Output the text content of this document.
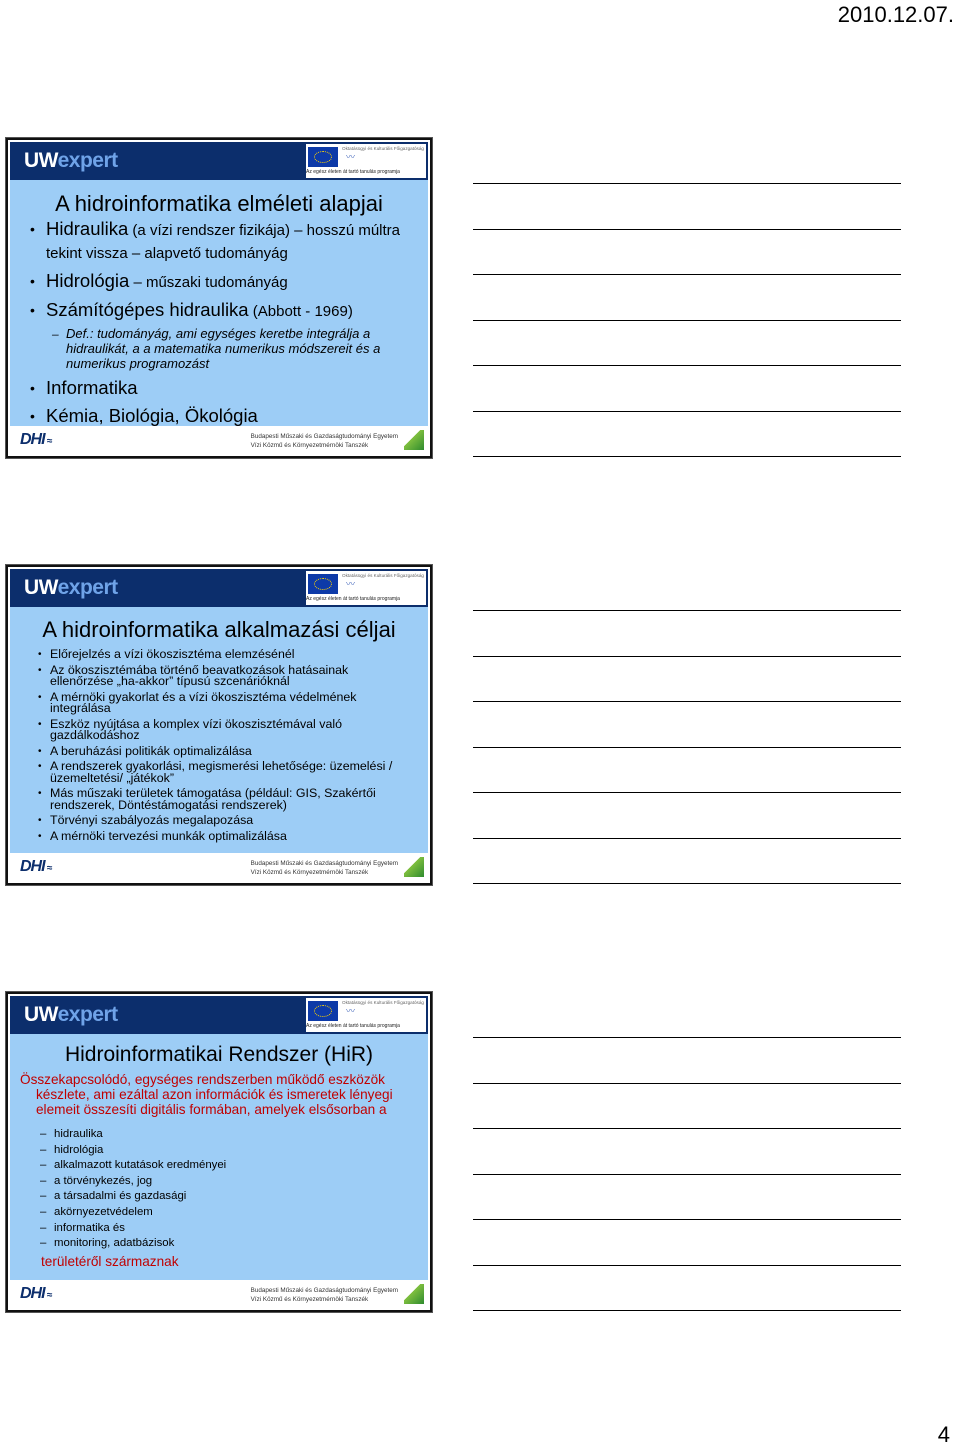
2010.12.07.
UWexpert	〰
Oktatásügyi és Kulturális Főigazgatóság
Az egész életen át tartó tanulás programja
A hidroinformatika elméleti alapjai
• Hidraulika (a vízi rendszer fizikája) – hosszú múltra tekint vissza – alapvető tudományág
• Hidrológia – műszaki tudományág
• Számítógépes hidraulika (Abbott - 1969)
– Def.: tudományág, ami egységes keretbe integrálja a hidraulikát, a a matematika numerikus módszereit és a numerikus programozást
• Informatika
• Kémia, Biológia, Ökológia
DHI ≈	Budapesti Műszaki és Gazdaságtudományi Egyetem
Vízi Közmű és Környezetmérnöki Tanszék
UWexpert	〰
Oktatásügyi és Kulturális Főigazgatóság
Az egész életen át tartó tanulás programja
A hidroinformatika alkalmazási céljai
• Előrejelzés a vízi ökoszisztéma elemzésénél
• Az ökoszisztémába történő beavatkozások hatásainak ellenőrzése „ha-akkor” típusú szcenárióknál
• A mérnöki gyakorlat és a vízi ökoszisztéma védelmének integrálása
• Eszköz nyújtása a komplex vízi ökoszisztémával való gazdálkodáshoz
• A beruházási politikák optimalizálása
• A rendszerek gyakorlási, megismerési lehetősége: üzemelési /üzemeltetési/ „játékok”
• Más műszaki területek támogatása (például: GIS, Szakértői rendszerek, Döntéstámogatási rendszerek)
• Törvényi szabályozás megalapozása
• A mérnöki tervezési munkák optimalizálása
DHI ≈	Budapesti Műszaki és Gazdaságtudományi Egyetem
Vízi Közmű és Környezetmérnöki Tanszék
UWexpert	〰
Oktatásügyi és Kulturális Főigazgatóság
Az egész életen át tartó tanulás programja
Hidroinformatikai Rendszer (HiR)
Összekapcsolódó, egységes rendszerben működő eszközök készlete, ami ezáltal azon információk és ismeretek lényegi elemeit összesíti digitális formában, amelyek elsősorban a
– hidraulika
– hidrológia
– alkalmazott kutatások eredményei
– a törvénykezés, jog
– a társadalmi és gazdasági
– akörnyezetvédelem
– informatika és
– monitoring, adatbázisok
területéről származnak
DHI ≈	Budapesti Műszaki és Gazdaságtudományi Egyetem
Vízi Közmű és Környezetmérnöki Tanszék
4
